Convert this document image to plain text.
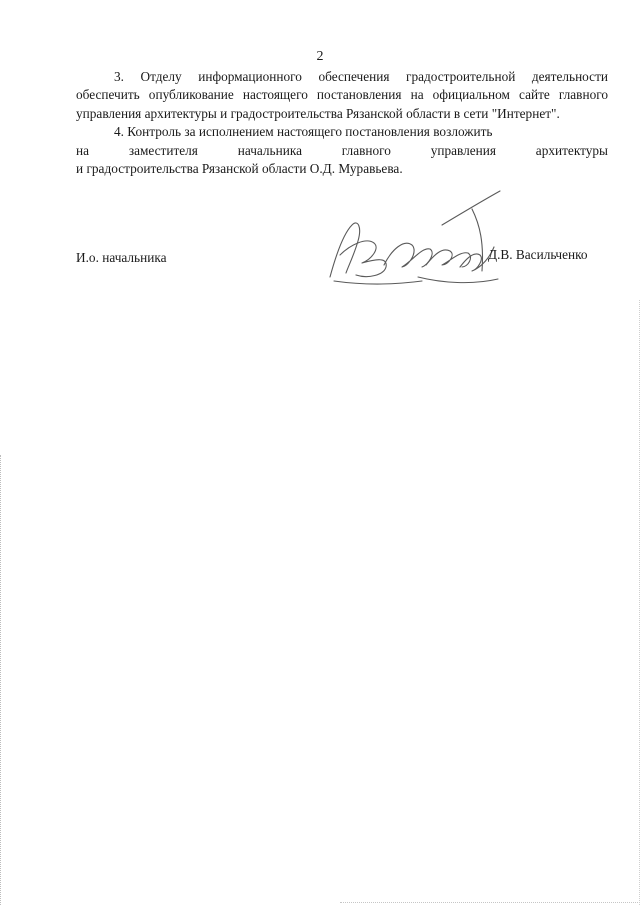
2

3. Отделу информационного обеспечения градостроительной деятельности обеспечить опубликование настоящего постановления на официальном сайте главного управления архитектуры и градостроительства Рязанской области в сети "Интернет".

4. Контроль за исполнением настоящего постановления возложить
на	заместителя	начальника	главного	управления	архитектуры
и градостроительства Рязанской области О.Д. Муравьева.
И.о. начальника	Д.В. Васильченко
